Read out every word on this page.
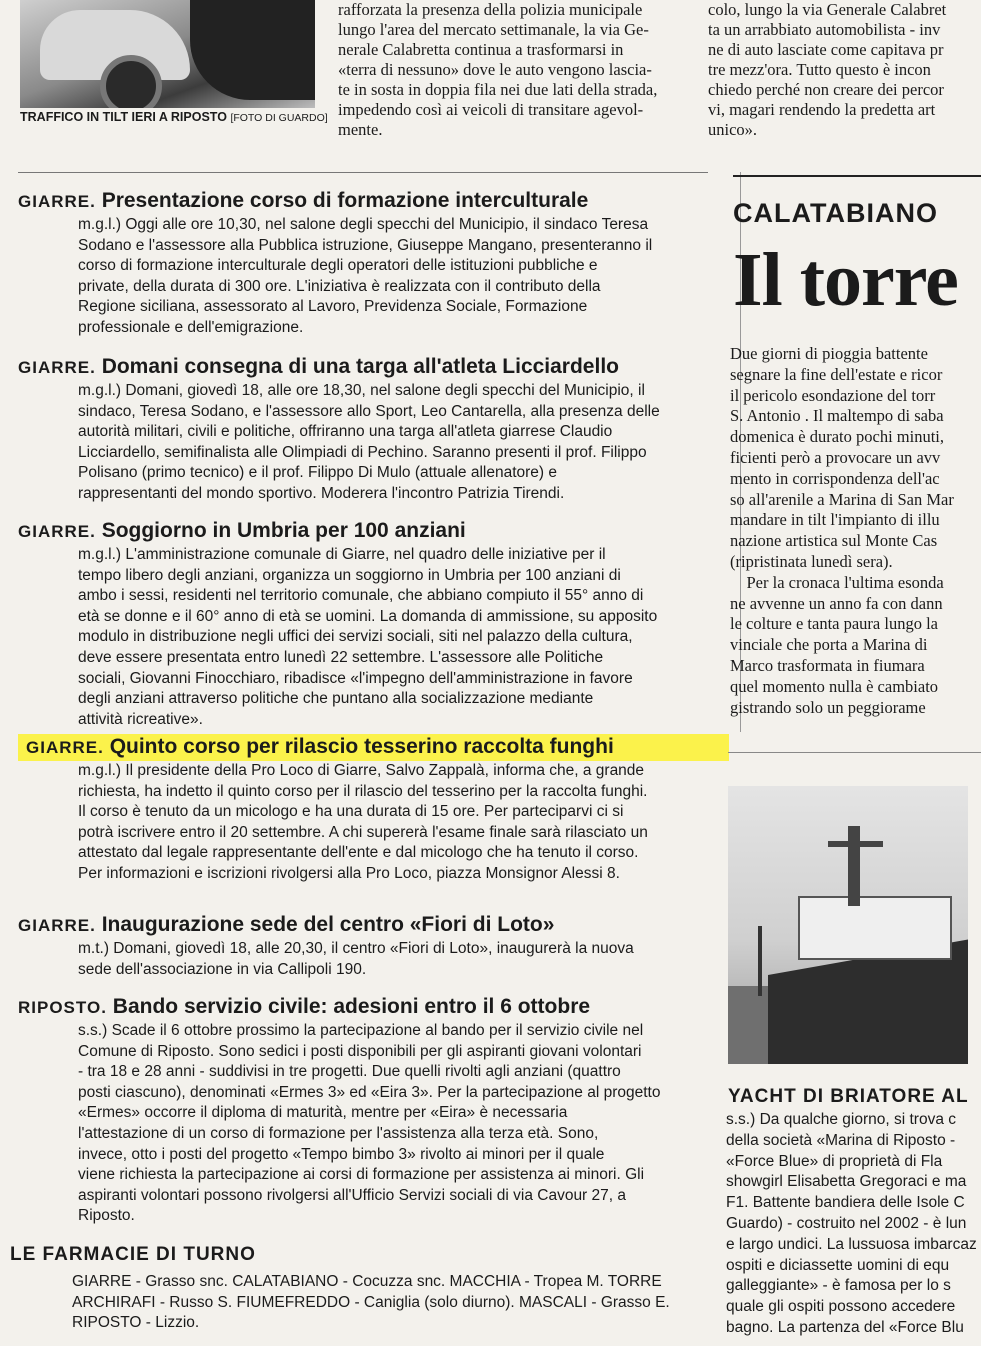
TRAFFICO IN TILT IERI A RIPOSTO [FOTO DI GUARDO]
rafforzata la presenza della polizia municipale
lungo l'area del mercato settimanale, la via Ge-
nerale Calabretta continua a trasformarsi in
«terra di nessuno» dove le auto vengono lascia-
te in sosta in doppia fila nei due lati della strada,
impedendo così ai veicoli di transitare agevol-
mente.
colo, lungo la via Generale Calabret
ta un arrabbiato automobilista - inv
ne di auto lasciate come capitava pr
tre mezz'ora. Tutto questo è incon
chiedo perché non creare dei percor
vi, magari rendendo la predetta art
unico».
GIARRE. Presentazione corso di formazione interculturale

m.g.l.) Oggi alle ore 10,30, nel salone degli specchi del Municipio, il sindaco Teresa
Sodano e l'assessore alla Pubblica istruzione, Giuseppe Mangano, presenteranno il
corso di formazione interculturale degli operatori delle istituzioni pubbliche e
private, della durata di 300 ore. L'iniziativa è realizzata con il contributo della
Regione siciliana, assessorato al Lavoro, Previdenza Sociale, Formazione
professionale e dell'emigrazione.

GIARRE. Domani consegna di una targa all'atleta Licciardello

m.g.l.) Domani, giovedì 18, alle ore 18,30, nel salone degli specchi del Municipio, il
sindaco, Teresa Sodano, e l'assessore allo Sport, Leo Cantarella, alla presenza delle
autorità militari, civili e politiche, offriranno una targa all'atleta giarrese Claudio
Licciardello, semifinalista alle Olimpiadi di Pechino. Saranno presenti il prof. Filippo
Polisano (primo tecnico) e il prof. Filippo Di Mulo (attuale allenatore) e
rappresentanti del mondo sportivo. Moderera l'incontro Patrizia Tirendi.

GIARRE. Soggiorno in Umbria per 100 anziani

m.g.l.) L'amministrazione comunale di Giarre, nel quadro delle iniziative per il
tempo libero degli anziani, organizza un soggiorno in Umbria per 100 anziani di
ambo i sessi, residenti nel territorio comunale, che abbiano compiuto il 55° anno di
età se donne e il 60° anno di età se uomini. La domanda di ammissione, su apposito
modulo in distribuzione negli uffici dei servizi sociali, siti nel palazzo della cultura,
deve essere presentata entro lunedì 22 settembre. L'assessore alle Politiche
sociali, Giovanni Finocchiaro, ribadisce «l'impegno dell'amministrazione in favore
degli anziani attraverso politiche che puntano alla socializzazione mediante
attività ricreative».

GIARRE. Quinto corso per rilascio tesserino raccolta funghi

m.g.l.) Il presidente della Pro Loco di Giarre, Salvo Zappalà, informa che, a grande
richiesta, ha indetto il quinto corso per il rilascio del tesserino per la raccolta funghi.
Il corso è tenuto da un micologo e ha una durata di 15 ore. Per parteciparvi ci si
potrà iscrivere entro il 20 settembre. A chi supererà l'esame finale sarà rilasciato un
attestato dal legale rappresentante dell'ente e dal micologo che ha tenuto il corso.
Per informazioni e iscrizioni rivolgersi alla Pro Loco, piazza Monsignor Alessi 8.

GIARRE. Inaugurazione sede del centro «Fiori di Loto»

m.t.) Domani, giovedì 18, alle 20,30, il centro «Fiori di Loto», inaugurerà la nuova
sede dell'associazione in via Callipoli 190.

RIPOSTO. Bando servizio civile: adesioni entro il 6 ottobre

s.s.) Scade il 6 ottobre prossimo la partecipazione al bando per il servizio civile nel
Comune di Riposto. Sono sedici i posti disponibili per gli aspiranti giovani volontari
- tra 18 e 28 anni - suddivisi in tre progetti. Due quelli rivolti agli anziani (quattro
posti ciascuno), denominati «Ermes 3» ed «Eira 3». Per la partecipazione al progetto
«Ermes» occorre il diploma di maturità, mentre per «Eira» è necessaria
l'attestazione di un corso di formazione per l'assistenza alla terza età. Sono,
invece, otto i posti del progetto «Tempo bimbo 3» rivolto ai minori per il quale
viene richiesta la partecipazione ai corsi di formazione per assistenza ai minori. Gli
aspiranti volontari possono rivolgersi all'Ufficio Servizi sociali di via Cavour 27, a
Riposto.

LE FARMACIE DI TURNO
GIARRE - Grasso snc. CALATABIANO - Cocuzza snc. MACCHIA - Tropea M. TORRE
ARCHIRAFI - Russo S. FIUMEFREDDO - Caniglia (solo diurno). MASCALI - Grasso E.
RIPOSTO - Lizzio.
CALATABIANO
Il torre
Due giorni di pioggia battente
segnare la fine dell'estate e ricor
il pericolo esondazione del torr
S. Antonio . Il maltempo di saba
domenica è durato pochi minuti,
ficienti però a provocare un avv
mento in corrispondenza dell'ac
so all'arenile a Marina di San Mar
mandare in tilt l'impianto di illu
nazione artistica sul Monte Cas
(ripristinata lunedì sera).
Per la cronaca l'ultima esonda
ne avvenne un anno fa con dann
le colture e tanta paura lungo la
vinciale che porta a Marina di
Marco trasformata in fiumara
quel momento nulla è cambiato
gistrando solo un peggiorame
YACHT DI BRIATORE AL
s.s.) Da qualche giorno, si trova c
della società «Marina di Riposto -
«Force Blue» di proprietà di Fla
showgirl Elisabetta Gregoraci e ma
F1. Battente bandiera delle Isole C
Guardo) - costruito nel 2002 - è lun
e largo undici. La lussuosa imbarcaz
ospiti e diciassette uomini di equ
galleggiante» - è famosa per lo s
quale gli ospiti possono accedere
bagno. La partenza del «Force Blu
